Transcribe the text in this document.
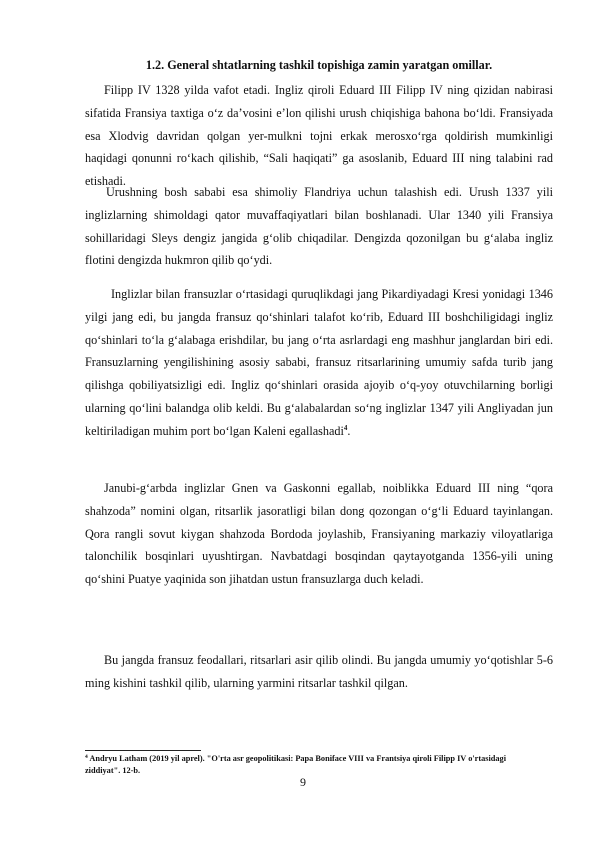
1.2. General shtatlarning tashkil topishiga zamin yaratgan omillar.

Filipp IV 1328 yilda vafot etadi. Ingliz qiroli Eduard III Filipp IV ning qizidan nabirasi sifatida Fransiya taxtiga o‘z da’vosini e’lon qilishi urush chiqishiga bahona bo‘ldi. Fransiyada esa Xlodvig davridan qolgan yer-mulkni tojni erkak merosxo‘rga qoldirish mumkinligi haqidagi qonunni ro‘kach qilishib, “Sali haqiqati” ga asoslanib, Eduard III ning talabini rad etishadi.

Urushning bosh sababi esa shimoliy Flandriya uchun talashish edi. Urush 1337 yili inglizlarning shimoldagi qator muvaffaqiyatlari bilan boshlanadi. Ular 1340 yili Fransiya sohillaridagi Sleys dengiz jangida g‘olib chiqadilar. Dengizda qozonilgan bu g‘alaba ingliz flotini dengizda hukmron qilib qo‘ydi.

Inglizlar bilan fransuzlar o‘rtasidagi quruqlikdagi jang Pikardiyadagi Kresi yonidagi 1346 yilgi jang edi, bu jangda fransuz qo‘shinlari talafot ko‘rib, Eduard III boshchiligidagi ingliz qo‘shinlari to‘la g‘alabaga erishdilar, bu jang o‘rta asrlardagi eng mashhur janglardan biri edi. Fransuzlarning yengilishining asosiy sababi, fransuz ritsarlarining umumiy safda turib jang qilishga qobiliyatsizligi edi. Ingliz qo‘shinlari orasida ajoyib o‘q-yoy otuvchilarning borligi ularning qo‘lini balandga olib keldi. Bu g‘alabalardan so‘ng inglizlar 1347 yili Angliyadan jun keltiriladigan muhim port bo‘lgan Kaleni egallashadi$^4$.

Janubi-g‘arbda inglizlar Gnen va Gaskonni egallab, noiblikka Eduard III ning “qora shahzoda” nomini olgan, ritsarlik jasoratligi bilan dong qozongan o‘g‘li Eduard tayinlangan. Qora rangli sovut kiygan shahzoda Bordoda joylashib, Fransiyaning markaziy viloyatlariga talonchilik bosqinlari uyushtirgan. Navbatdagi bosqindan qaytayotganda 1356-yili uning qo‘shini Puatye yaqinida son jihatdan ustun fransuzlarga duch keladi.

Bu jangda fransuz feodallari, ritsarlari asir qilib olindi. Bu jangda umumiy yo‘qotishlar 5-6 ming kishini tashkil qilib, ularning yarmini ritsarlar tashkil qilgan.

$^4$ Andryu Latham (2019 yil aprel). "O'rta asr geopolitikasi: Papa Boniface VIII va Frantsiya qiroli Filipp IV o'rtasidagi ziddiyat". 12-b.

9
